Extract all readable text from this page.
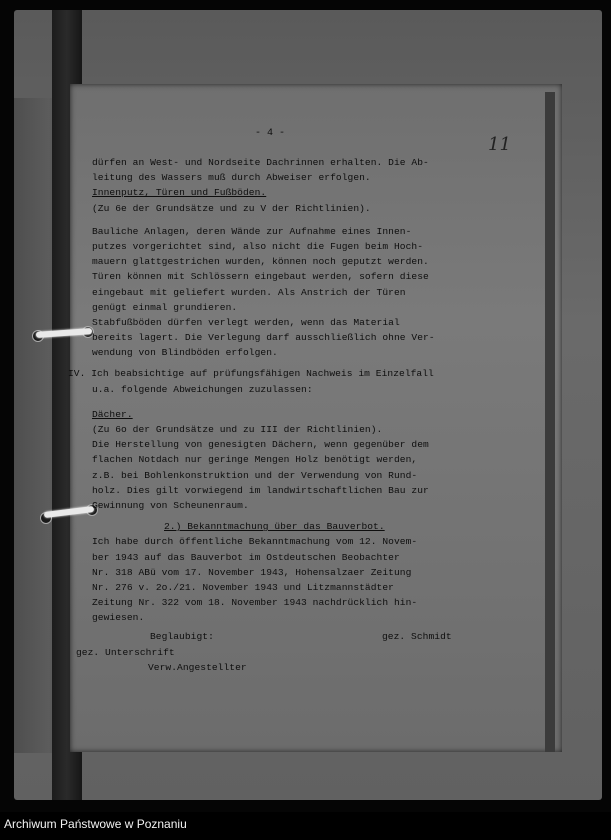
- 4 -
11
dürfen an West- und Nordseite Dachrinnen erhalten. Die Ab-
leitung des Wassers muß durch Abweiser erfolgen.
Innenputz, Türen und Fußböden.
(Zu 6e der Grundsätze und zu V der Richtlinien).
Bauliche Anlagen, deren Wände zur Aufnahme eines Innen-
putzes vorgerichtet sind, also nicht die Fugen beim Hoch-
mauern glattgestrichen wurden, können noch geputzt werden.
Türen können mit Schlössern eingebaut werden, sofern diese
eingebaut mit geliefert wurden. Als Anstrich der Türen
genügt einmal grundieren.
Stabfußböden dürfen verlegt werden, wenn das Material
bereits lagert. Die Verlegung darf ausschließlich ohne Ver-
wendung von Blindböden erfolgen.
IV. Ich beabsichtige auf prüfungsfähigen Nachweis im Einzelfall
u.a. folgende Abweichungen zuzulassen:
Dächer.
(Zu 6o der Grundsätze und zu III der Richtlinien).
Die Herstellung von genesigten Dächern, wenn gegenüber dem
flachen Notdach nur geringe Mengen Holz benötigt werden,
z.B. bei Bohlenkonstruktion und der Verwendung von Rund-
holz. Dies gilt vorwiegend im landwirtschaftlichen Bau zur
Gewinnung von Scheunenraum.
2.) Bekanntmachung über das Bauverbot.
Ich habe durch öffentliche Bekanntmachung vom 12. Novem-
ber 1943 auf das Bauverbot im Ostdeutschen Beobachter
Nr. 318 ABü vom 17. November 1943, Hohensalzaer Zeitung
Nr. 276 v. 2o./21. November 1943 und Litzmannstädter
Zeitung Nr. 322 vom 18. November 1943 nachdrücklich hin-
gewiesen.
Beglaubigt:	gez. Schmidt
gez. Unterschrift
Verw.Angestellter
Archiwum Państwowe w Poznaniu
